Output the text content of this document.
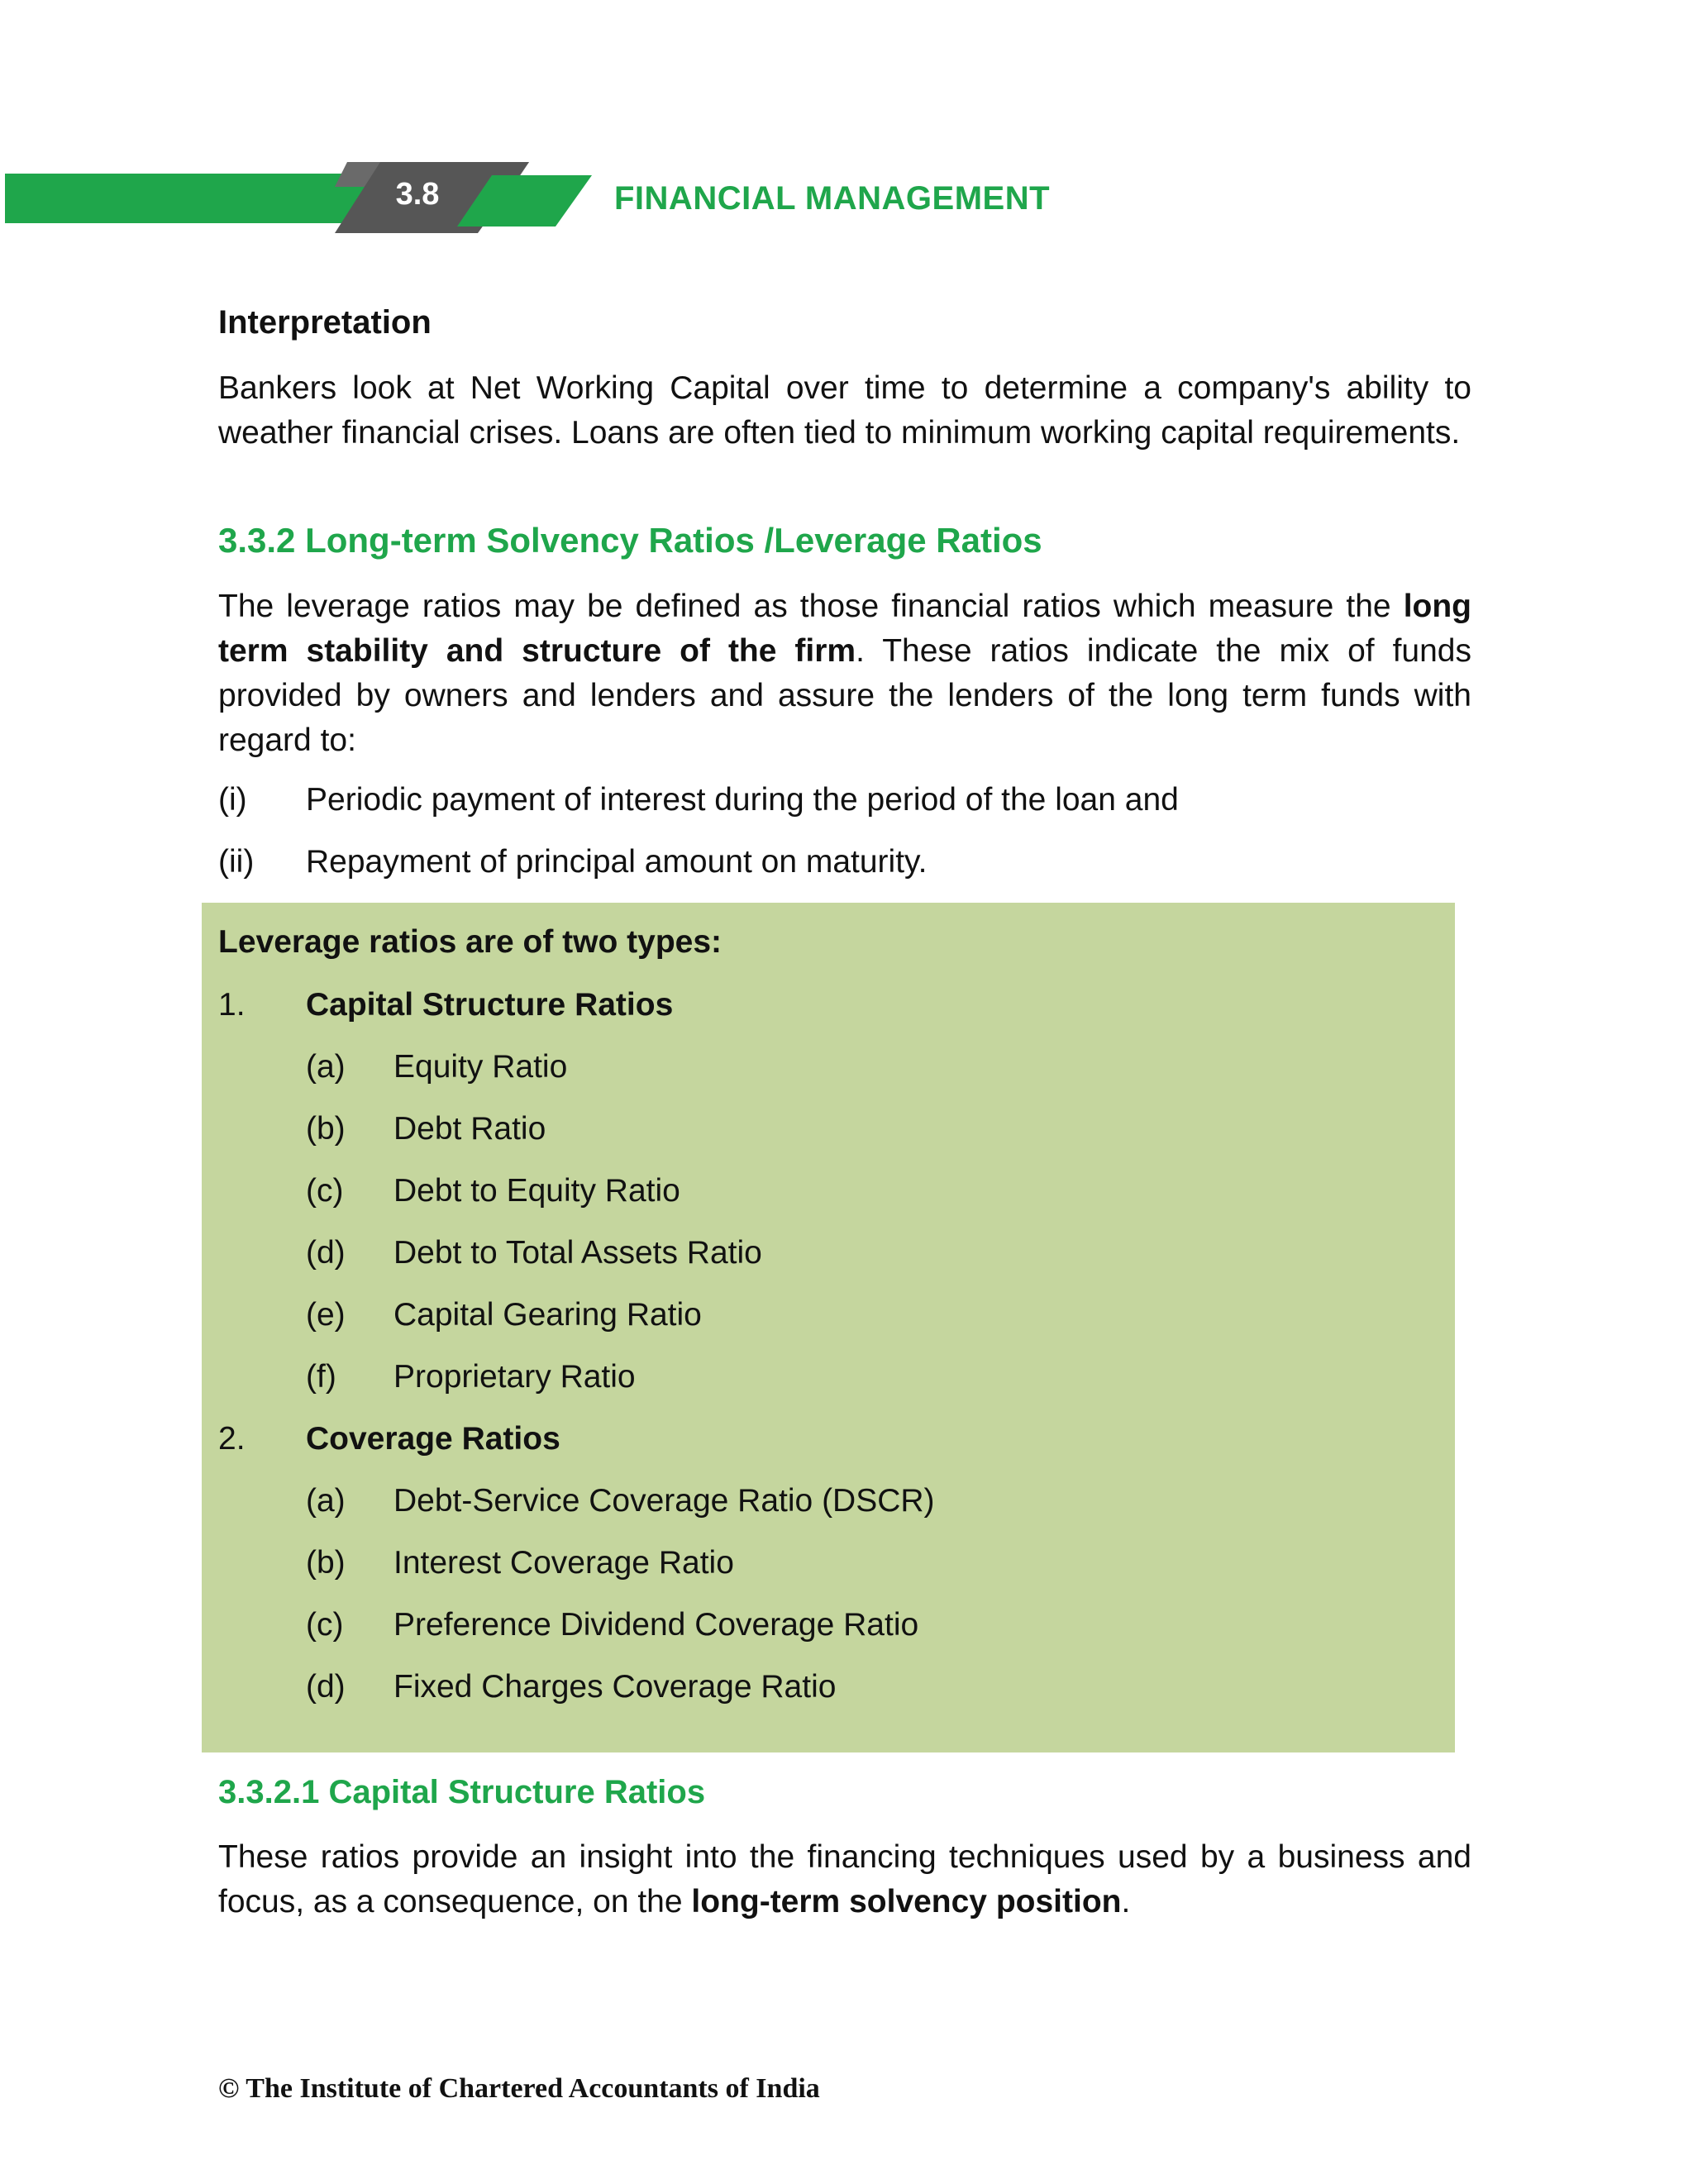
3.8	FINANCIAL MANAGEMENT
Interpretation

Bankers look at Net Working Capital over time to determine a company's ability to weather financial crises. Loans are often tied to minimum working capital requirements.

3.3.2 Long-term Solvency Ratios /Leverage Ratios

The leverage ratios may be defined as those financial ratios which measure the long term stability and structure of the firm. These ratios indicate the mix of funds provided by owners and lenders and assure the lenders of the long term funds with regard to:

(i)	Periodic payment of interest during the period of the loan and
(ii)	Repayment of principal amount on maturity.
Leverage ratios are of two types:
1.	Capital Structure Ratios
(a)	Equity Ratio
(b)	Debt Ratio
(c)	Debt to Equity Ratio
(d)	Debt to Total Assets Ratio
(e)	Capital Gearing Ratio
(f)	Proprietary Ratio
2.	Coverage Ratios
(a)	Debt-Service Coverage Ratio (DSCR)
(b)	Interest Coverage Ratio
(c)	Preference Dividend Coverage Ratio
(d)	Fixed Charges Coverage Ratio
3.3.2.1 Capital Structure Ratios

These ratios provide an insight into the financing techniques used by a business and focus, as a consequence, on the long-term solvency position.

© The Institute of Chartered Accountants of India
